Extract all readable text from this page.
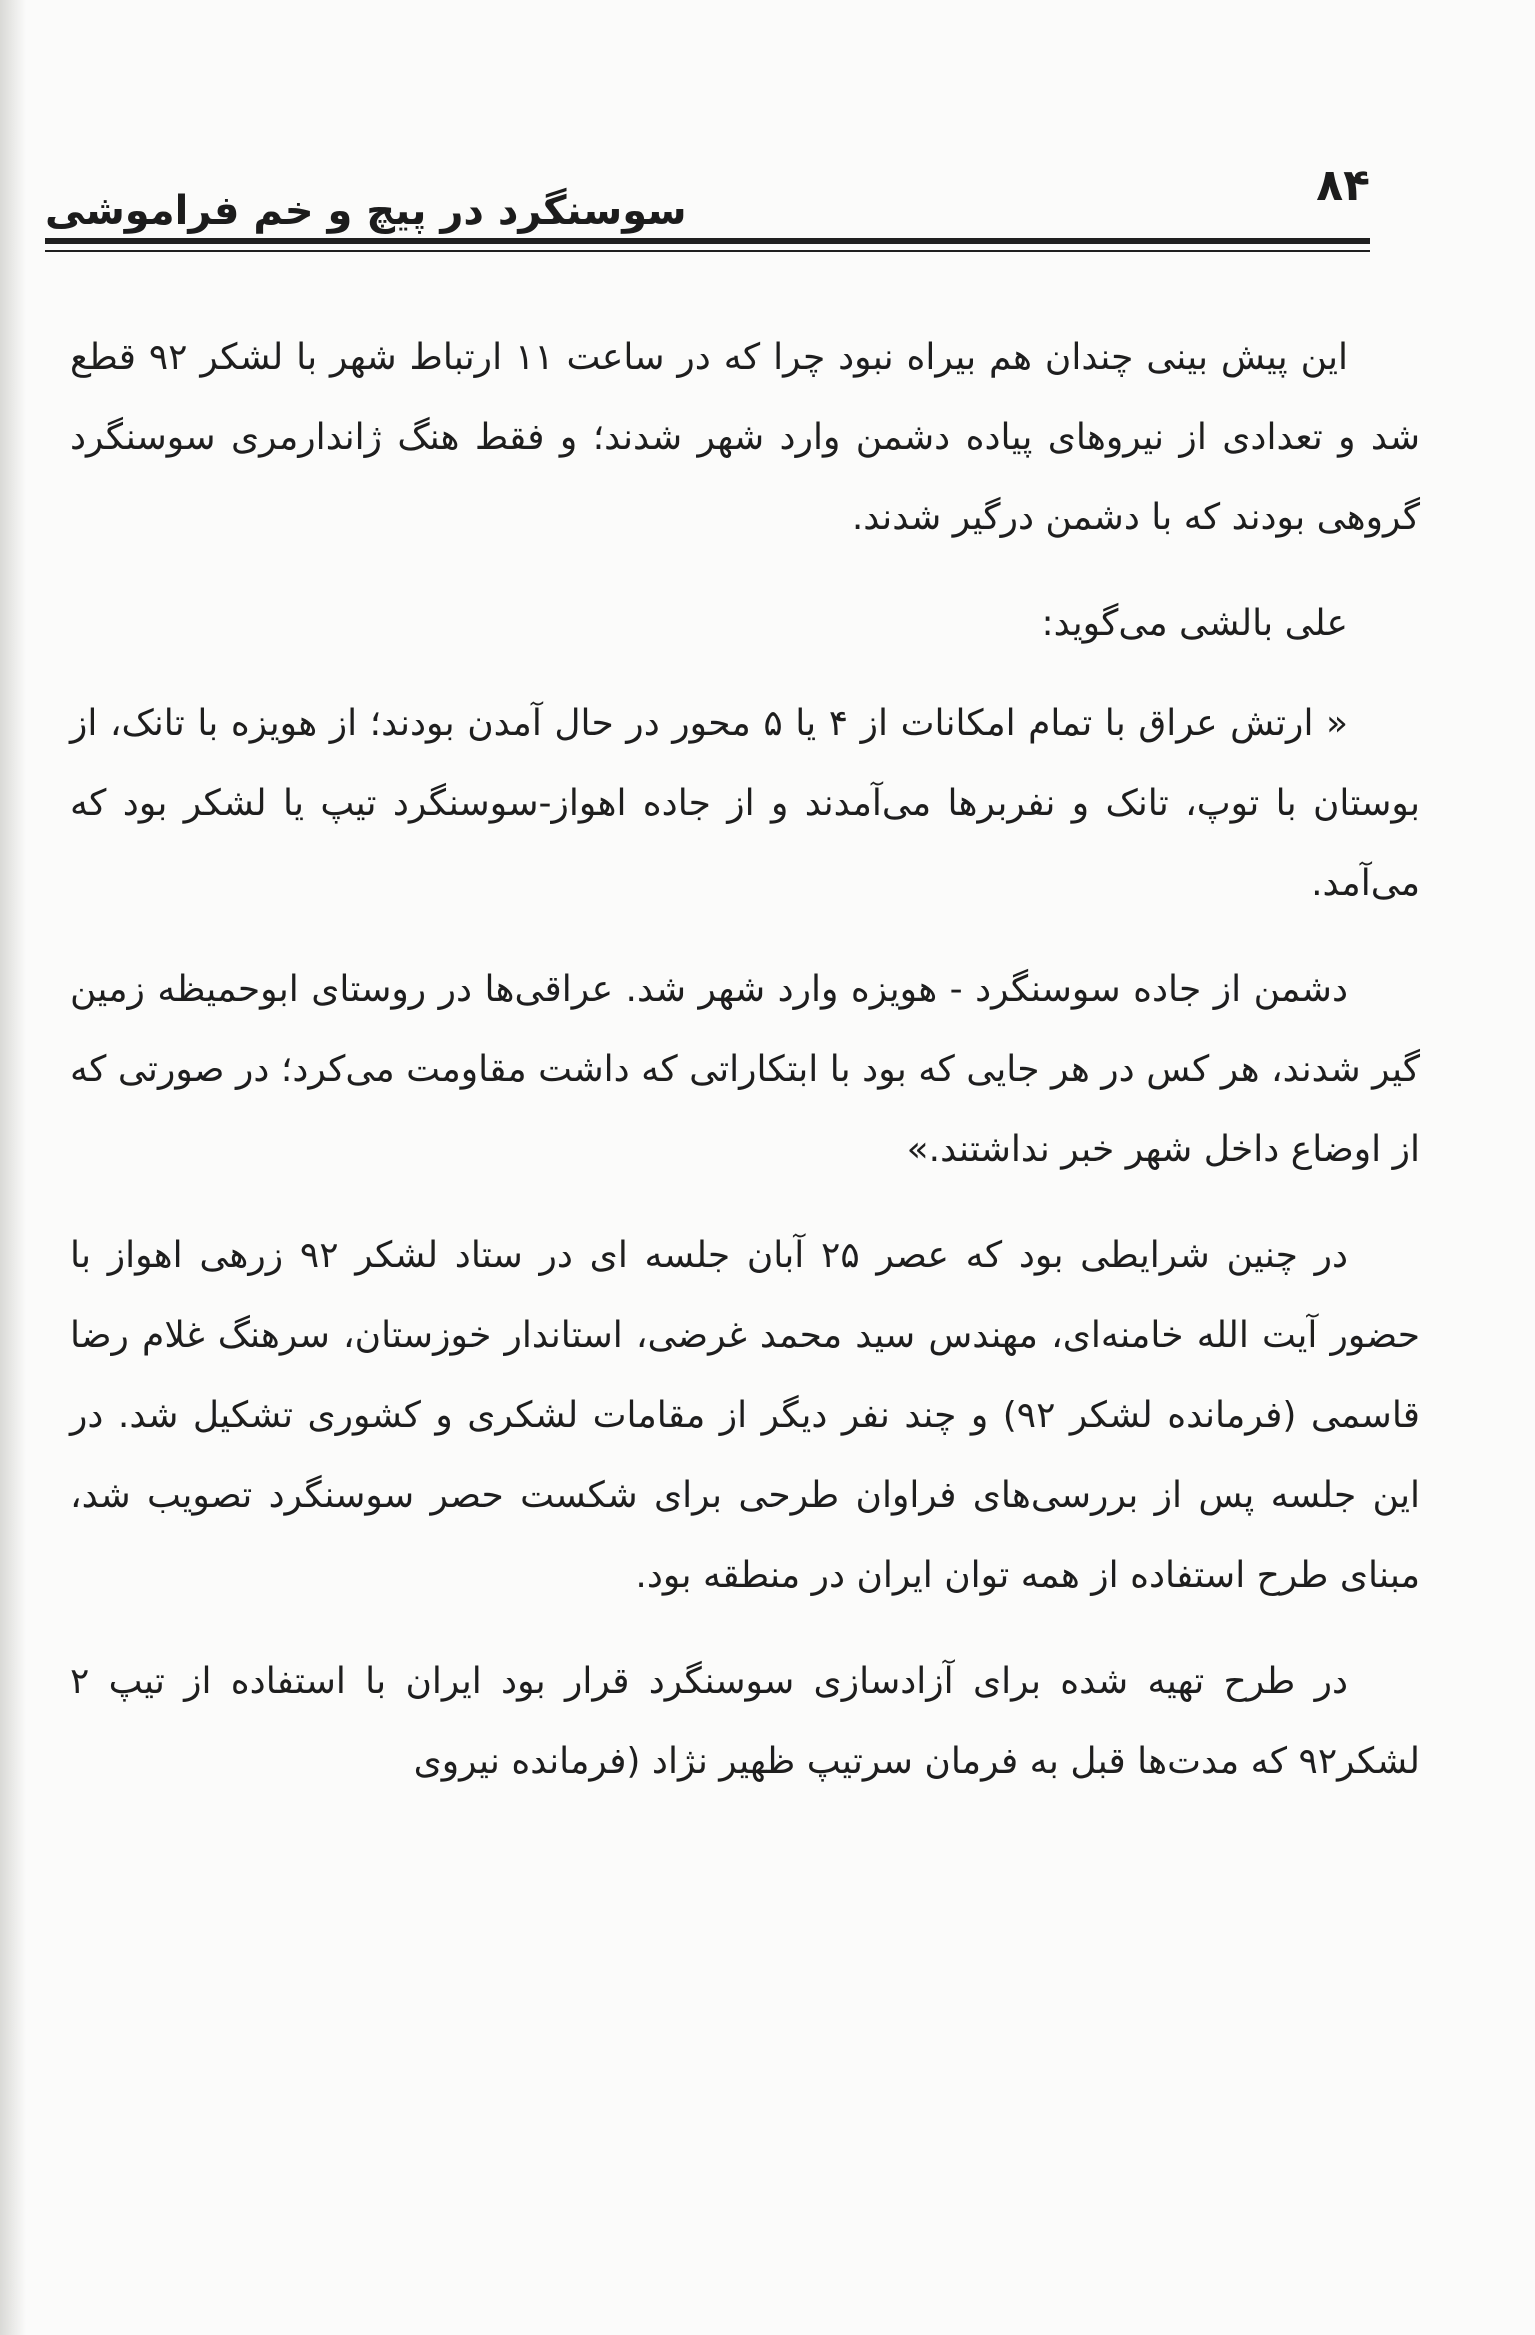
۸۴
سوسنگرد در پیچ و خم فراموشی

این پیش بینی چندان هم بیراه نبود چرا که در ساعت ۱۱ ارتباط شهر با لشکر ۹۲ قطع شد و تعدادی از نیروهای پیاده دشمن وارد شهر شدند؛ و فقط هنگ ژاندارمری سوسنگرد گروهی بودند که با دشمن درگیر شدند.

علی بالشی می‌گوید:

« ارتش عراق با تمام امکانات از ۴ یا ۵ محور در حال آمدن بودند؛ از هویزه با تانک، از بوستان با توپ، تانک و نفربرها می‌آمدند و از جاده اهواز-سوسنگرد تیپ یا لشکر بود که می‌آمد.

دشمن از جاده سوسنگرد - هویزه وارد شهر شد. عراقی‌ها در روستای ابوحمیظه زمین گیر شدند، هر کس در هر جایی که بود با ابتکاراتی که داشت مقاومت می‌کرد؛ در صورتی که از اوضاع داخل شهر خبر نداشتند.»

در چنین شرایطی بود که عصر ۲۵ آبان جلسه ای در ستاد لشکر ۹۲ زرهی اهواز با حضور آیت الله خامنه‌ای، مهندس سید محمد غرضی، استاندار خوزستان، سرهنگ غلام رضا قاسمی (فرمانده لشکر ۹۲) و چند نفر دیگر از مقامات لشکری و کشوری تشکیل شد. در این جلسه پس از بررسی‌های فراوان طرحی برای شکست حصر سوسنگرد تصویب شد، مبنای طرح استفاده از همه توان ایران در منطقه بود.

در طرح تهیه شده برای آزادسازی سوسنگرد قرار بود ایران با استفاده از تیپ ۲ لشکر۹۲ که مدت‌ها قبل به فرمان سرتیپ ظهیر نژاد (فرمانده نیروی
